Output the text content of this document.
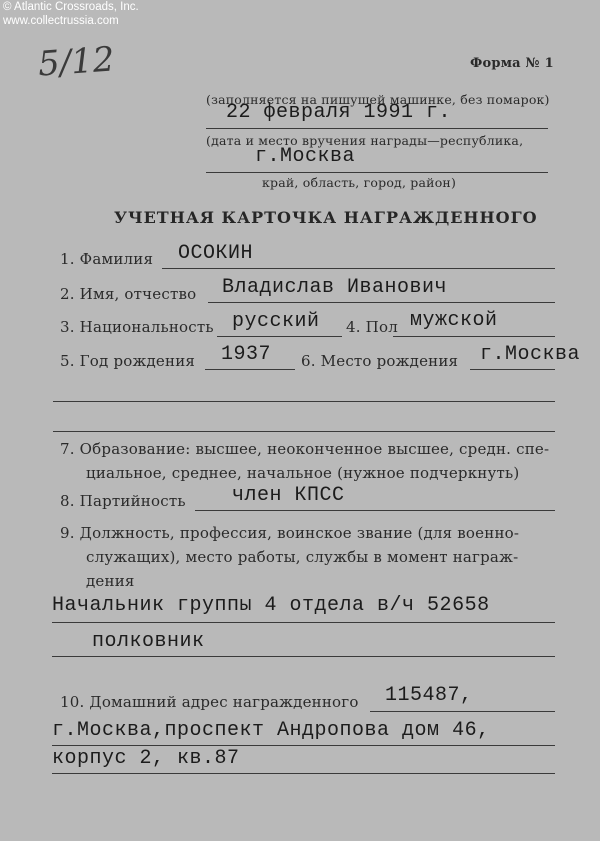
© Atlantic Crossroads, Inc.
www.collectrussia.com
5/12	Форма № 1
(заполняется на пишущей машинке, без помарок)
22 февраля 1991 г.
(дата и место вручения награды—республика,
г.Москва
край, область, город, район)
УЧЕТНАЯ КАРТОЧКА НАГРАЖДЕННОГО
1. Фамилия ОСОКИН
2. Имя, отчество Владислав Иванович
3. Национальность русский 4. Пол мужской
5. Год рождения 1937 6. Место рождения г.Москва
7. Образование: высшее, неоконченное высшее, средн. спе-
циальное, среднее, начальное (нужное подчеркнуть)
8. Партийность член КПСС
9. Должность, профессия, воинское звание (для военно-
служащих), место работы, службы в момент награж-
дения
Начальник группы 4 отдела в/ч 52658
полковник
10. Домашний адрес награжденного 115487,
г.Москва,проспект Андропова дом 46,
корпус 2, кв.87
